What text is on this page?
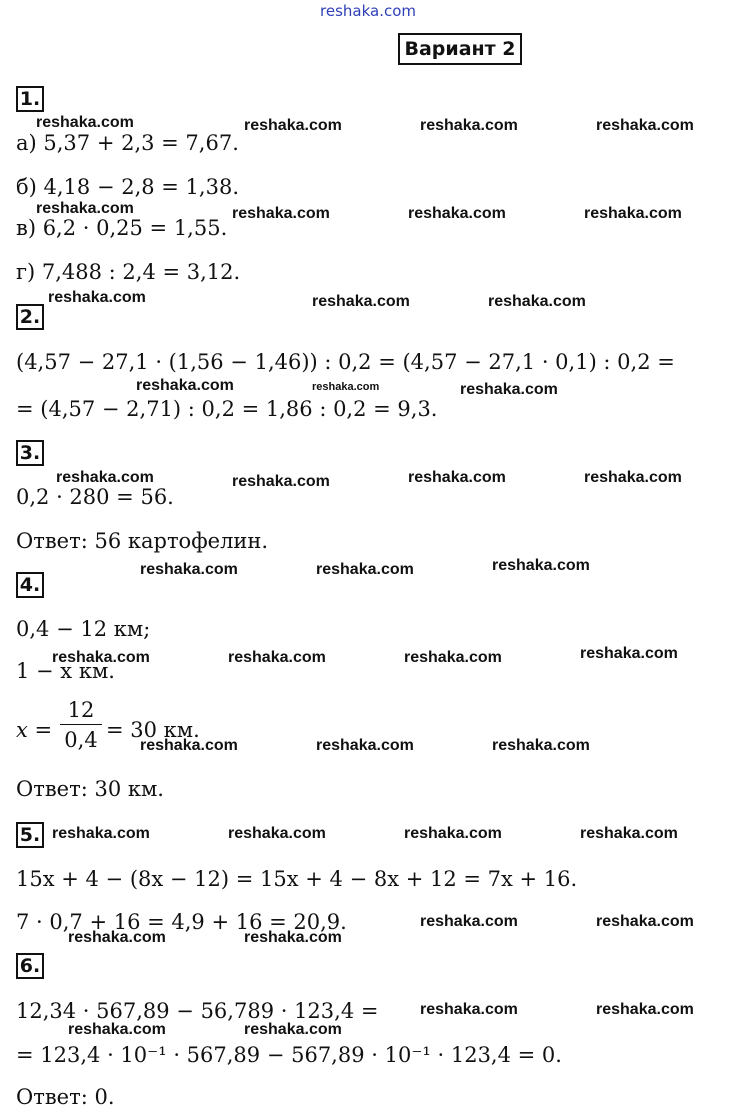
reshaka.com
Вариант 2
1.
а) 5,37 + 2,3 = 7,67.
б) 4,18 − 2,8 = 1,38.
в) 6,2 · 0,25 = 1,55.
г) 7,488 : 2,4 = 3,12.
2.
(4,57 − 27,1 · (1,56 − 1,46)) : 0,2 = (4,57 − 27,1 · 0,1) : 0,2 =
= (4,57 − 2,71) : 0,2 = 1,86 : 0,2 = 9,3.
3.
0,2 · 280 = 56.
Ответ: 56 картофелин.
4.
0,4 − 12 км;
1 − x км.
x =
12
0,4 = 30 км.
Ответ: 30 км.
5.
15x + 4 − (8x − 12) = 15x + 4 − 8x + 12 = 7x + 16.
7 · 0,7 + 16 = 4,9 + 16 = 20,9.
6.
12,34 · 567,89 − 56,789 · 123,4 =
= 123,4 · 10⁻¹ · 567,89 − 567,89 · 10⁻¹ · 123,4 = 0.
Ответ: 0.
reshaka.com	reshaka.com	reshaka.com	reshaka.com
reshaka.com	reshaka.com	reshaka.com	reshaka.com
reshaka.com	reshaka.com	reshaka.com
reshaka.com	reshaka.com	reshaka.com
reshaka.com	reshaka.com	reshaka.com	reshaka.com
reshaka.com	reshaka.com	reshaka.com
reshaka.com	reshaka.com	reshaka.com	reshaka.com
reshaka.com	reshaka.com	reshaka.com
reshaka.com	reshaka.com	reshaka.com	reshaka.com
reshaka.com	reshaka.com
reshaka.com	reshaka.com
reshaka.com	reshaka.com
reshaka.com	reshaka.com
